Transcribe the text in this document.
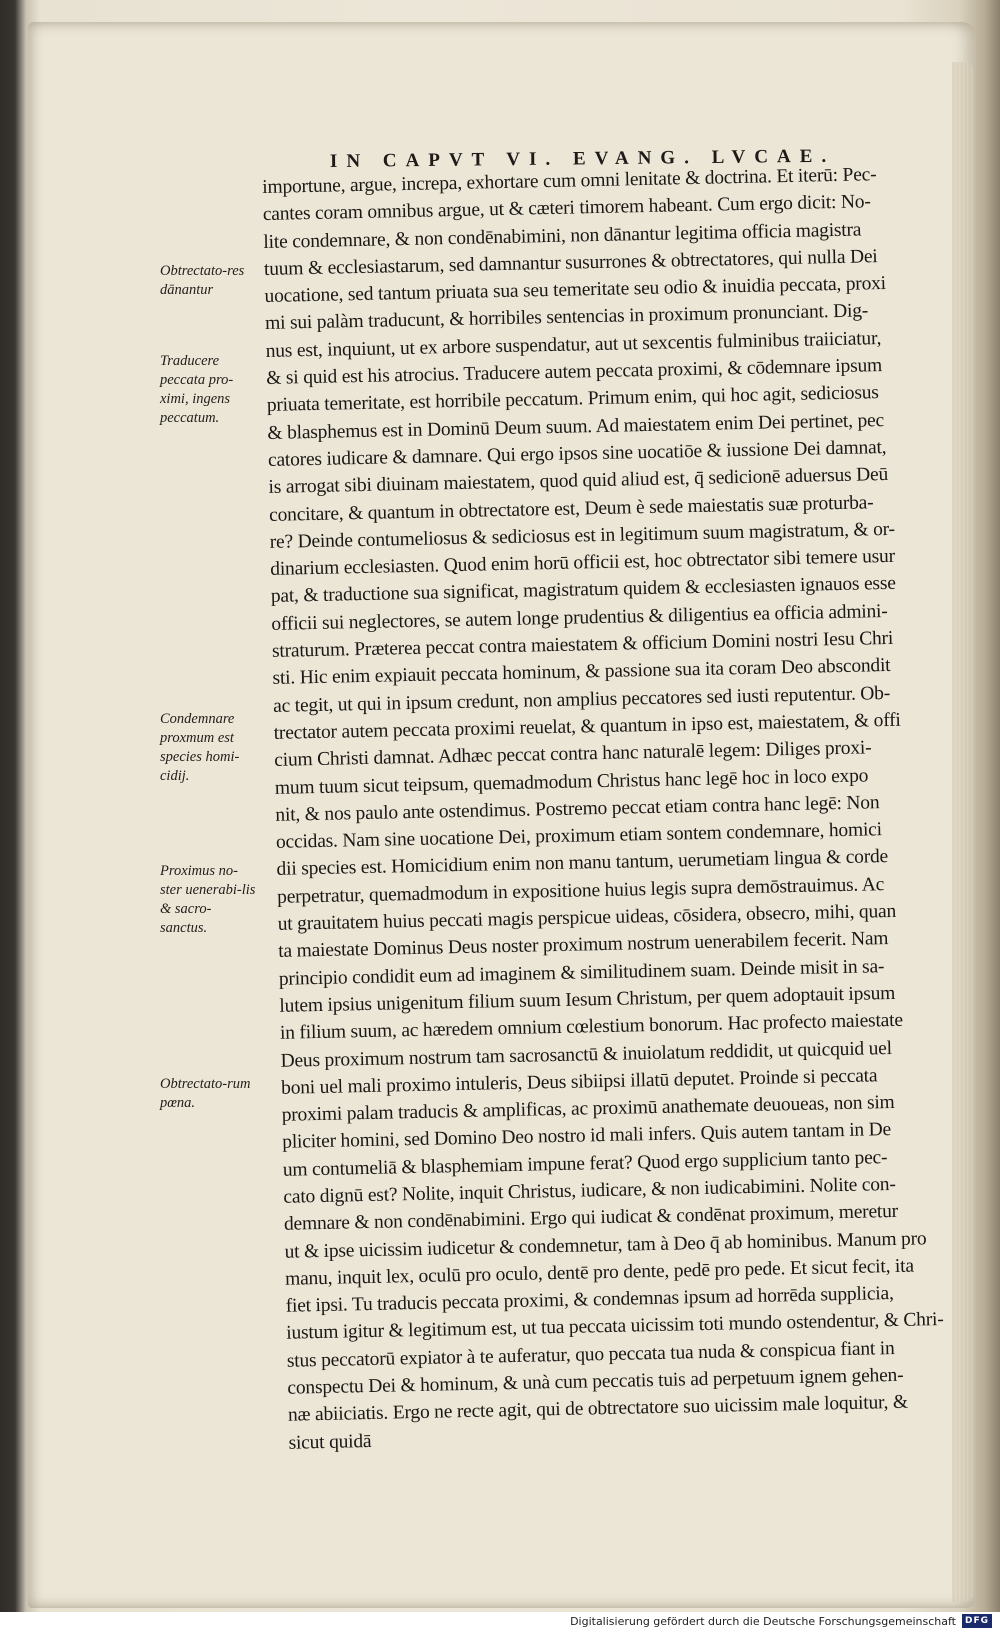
IN CAPVT VI. EVANG. LVCAE.
importune, argue, increpa, exhortare cum omni lenitate & doctrina. Et iterū: Pec-
cantes coram omnibus argue, ut & cæteri timorem habeant. Cum ergo dicit: No-
lite condemnare, & non condēnabimini, non dānantur legitima officia magistra
tuum & ecclesiastarum, sed damnantur susurrones & obtrectatores, qui nulla Dei
uocatione, sed tantum priuata sua seu temeritate seu odio & inuidia peccata, proxi
mi sui palàm traducunt, & horribiles sentencias in proximum pronunciant. Dig-
nus est, inquiunt, ut ex arbore suspendatur, aut ut sexcentis fulminibus traiiciatur,
& si quid est his atrocius. Traducere autem peccata proximi, & cōdemnare ipsum
priuata temeritate, est horribile peccatum. Primum enim, qui hoc agit, sediciosus
& blasphemus est in Dominū Deum suum. Ad maiestatem enim Dei pertinet, pec
catores iudicare & damnare. Qui ergo ipsos sine uocatiōe & iussione Dei damnat,
is arrogat sibi diuinam maiestatem, quod quid aliud est, q̄ sedicionē aduersus Deū
concitare, & quantum in obtrectatore est, Deum è sede maiestatis suæ proturba-
re? Deinde contumeliosus & sediciosus est in legitimum suum magistratum, & or-
dinarium ecclesiasten. Quod enim horū officii est, hoc obtrectator sibi temere usur
pat, & traductione sua significat, magistratum quidem & ecclesiasten ignauos esse
officii sui neglectores, se autem longe prudentius & diligentius ea officia admini-
straturum. Præterea peccat contra maiestatem & officium Domini nostri Iesu Chri
sti. Hic enim expiauit peccata hominum, & passione sua ita coram Deo abscondit
ac tegit, ut qui in ipsum credunt, non amplius peccatores sed iusti reputentur. Ob-
trectator autem peccata proximi reuelat, & quantum in ipso est, maiestatem, & offi
cium Christi damnat. Adhæc peccat contra hanc naturalē legem: Diliges proxi-
mum tuum sicut teipsum, quemadmodum Christus hanc legē hoc in loco expo
nit, & nos paulo ante ostendimus. Postremo peccat etiam contra hanc legē: Non
occidas. Nam sine uocatione Dei, proximum etiam sontem condemnare, homici
dii species est. Homicidium enim non manu tantum, uerumetiam lingua & corde
perpetratur, quemadmodum in expositione huius legis supra demōstrauimus. Ac
ut grauitatem huius peccati magis perspicue uideas, cōsidera, obsecro, mihi, quan
ta maiestate Dominus Deus noster proximum nostrum uenerabilem fecerit. Nam
principio condidit eum ad imaginem & similitudinem suam. Deinde misit in sa-
lutem ipsius unigenitum filium suum Iesum Christum, per quem adoptauit ipsum
in filium suum, ac hæredem omnium cœlestium bonorum. Hac profecto maiestate
Deus proximum nostrum tam sacrosanctū & inuiolatum reddidit, ut quicquid uel
boni uel mali proximo intuleris, Deus sibiipsi illatū deputet. Proinde si peccata
proximi palam traducis & amplificas, ac proximū anathemate deuoueas, non sim
pliciter homini, sed Domino Deo nostro id mali infers. Quis autem tantam in De
um contumeliā & blasphemiam impune ferat? Quod ergo supplicium tanto pec-
cato dignū est? Nolite, inquit Christus, iudicare, & non iudicabimini. Nolite con-
demnare & non condēnabimini. Ergo qui iudicat & condēnat proximum, meretur
ut & ipse uicissim iudicetur & condemnetur, tam à Deo q̄ ab hominibus. Manum pro
manu, inquit lex, oculū pro oculo, dentē pro dente, pedē pro pede. Et sicut fecit, ita
fiet ipsi. Tu traducis peccata proximi, & condemnas ipsum ad horrēda supplicia,
iustum igitur & legitimum est, ut tua peccata uicissim toti mundo ostendentur, & Chri-
stus peccatorū expiator à te auferatur, quo peccata tua nuda & conspicua fiant in
conspectu Dei & hominum, & unà cum peccatis tuis ad perpetuum ignem gehen-
næ abiiciatis. Ergo ne recte agit, qui de obtrectatore suo uicissim male loquitur, &
sicut quidā
Obtrectato-res dānantur
Traducere peccata pro-ximi, ingens peccatum.
Condemnare proxmum est species homi-cidij.
Proximus no-ster uenerabi-lis & sacro-sanctus.
Obtrectato-rum pœna.
Digitalisierung gefördert durch die Deutsche Forschungsgemeinschaft DFG
